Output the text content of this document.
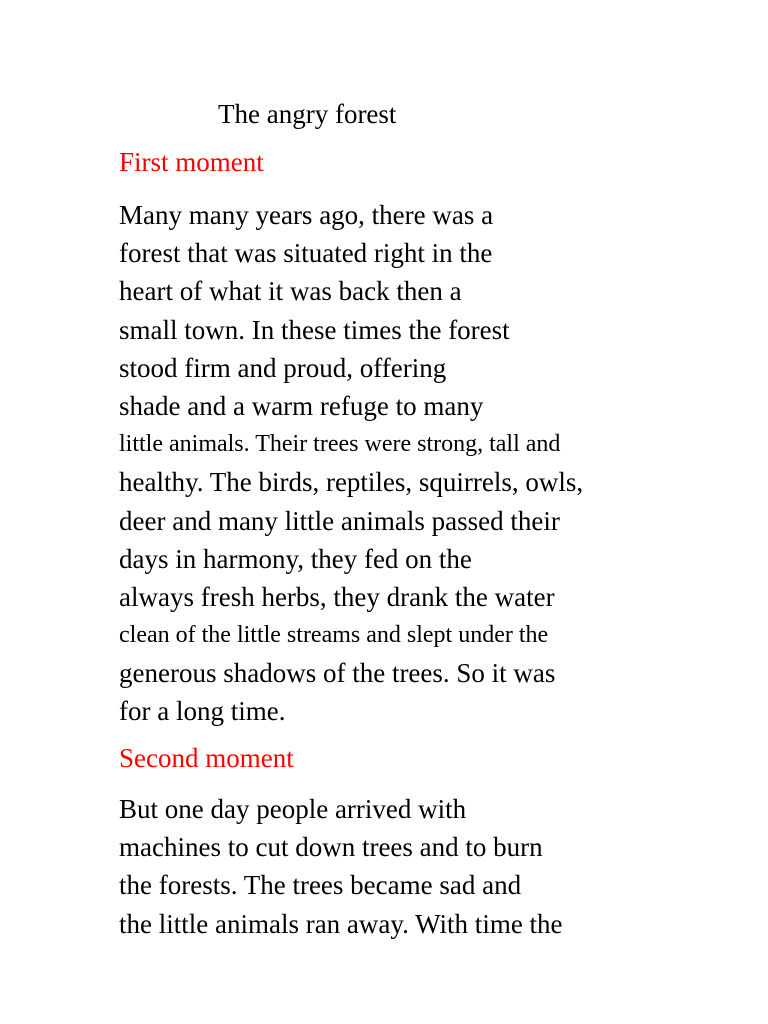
The angry forest
First moment
Many many years ago, there was a
forest that was situated right in the
heart of what it was back then a
small town. In these times the forest
stood firm and proud, offering
shade and a warm refuge to many
little animals. Their trees were strong, tall and
healthy. The birds, reptiles, squirrels, owls,
deer and many little animals passed their
days in harmony, they fed on the
always fresh herbs, they drank the water
clean of the little streams and slept under the
generous shadows of the trees. So it was
for a long time.
Second moment
But one day people arrived with
machines to cut down trees and to burn
the forests. The trees became sad and
the little animals ran away. With time the
